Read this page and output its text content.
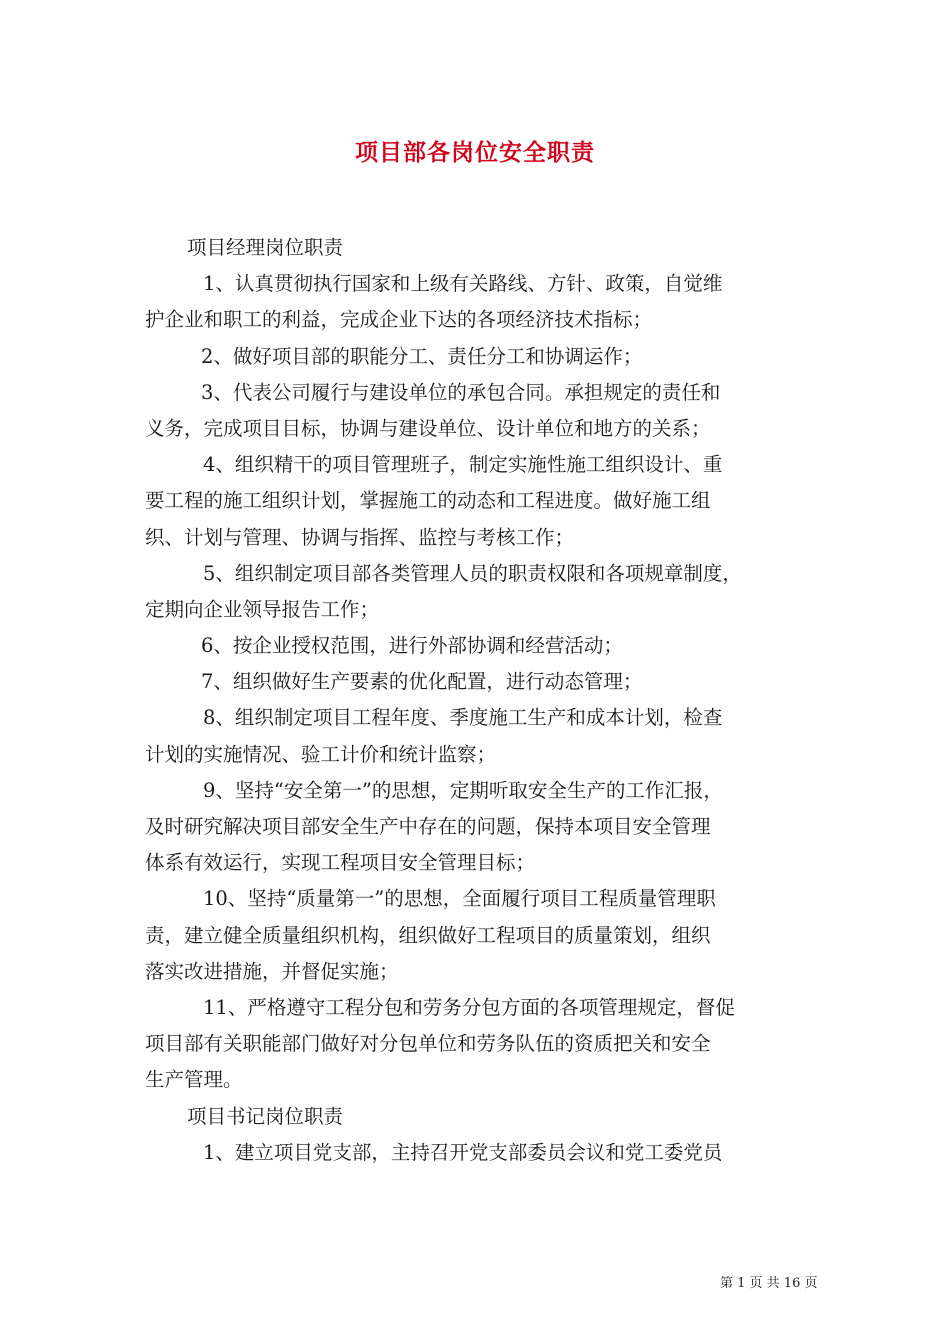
项目部各岗位安全职责
项目经理岗位职责
1、认真贯彻执行国家和上级有关路线、方针、政策，自觉维
护企业和职工的利益，完成企业下达的各项经济技术指标；
2、做好项目部的职能分工、责任分工和协调运作；
3、代表公司履行与建设单位的承包合同。承担规定的责任和
义务，完成项目目标，协调与建设单位、设计单位和地方的关系；
4、组织精干的项目管理班子，制定实施性施工组织设计、重
要工程的施工组织计划，掌握施工的动态和工程进度。做好施工组
织、计划与管理、协调与指挥、监控与考核工作；
5、组织制定项目部各类管理人员的职责权限和各项规章制度，
定期向企业领导报告工作；
6、按企业授权范围，进行外部协调和经营活动；
7、组织做好生产要素的优化配置，进行动态管理；
8、组织制定项目工程年度、季度施工生产和成本计划，检查
计划的实施情况、验工计价和统计监察；
9、坚持“安全第一”的思想，定期听取安全生产的工作汇报，
及时研究解决项目部安全生产中存在的问题，保持本项目安全管理
体系有效运行，实现工程项目安全管理目标；
10、坚持“质量第一”的思想，全面履行项目工程质量管理职
责，建立健全质量组织机构，组织做好工程项目的质量策划，组织
落实改进措施，并督促实施；
11、严格遵守工程分包和劳务分包方面的各项管理规定，督促
项目部有关职能部门做好对分包单位和劳务队伍的资质把关和安全
生产管理。
项目书记岗位职责
1、建立项目党支部，主持召开党支部委员会议和党工委党员
第 1 页 共 16 页
